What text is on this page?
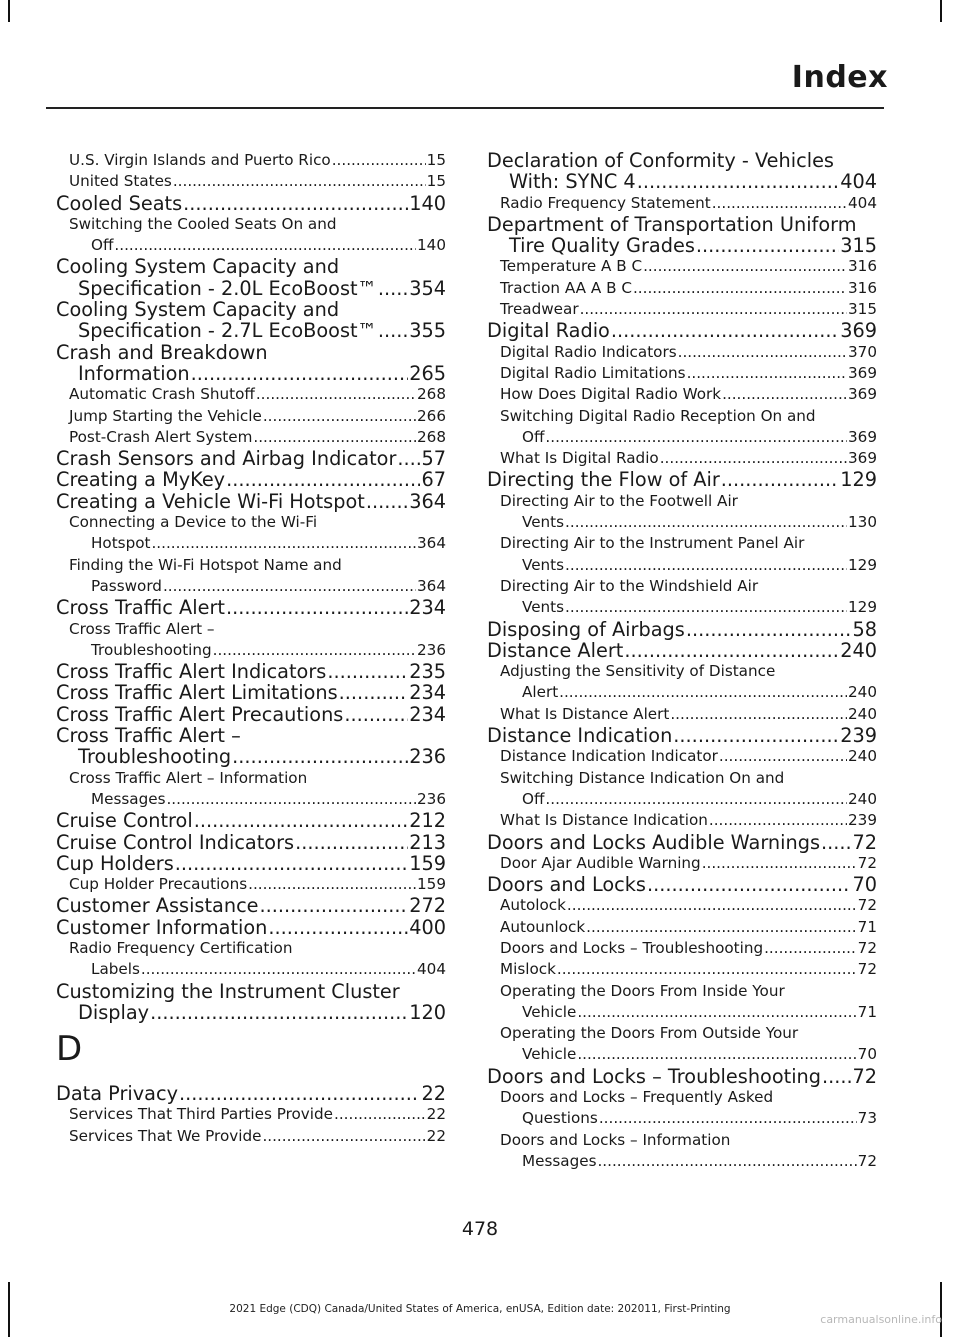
Index
U.S. Virgin Islands and Puerto Rico .....	15
United States .....	15
Cooled Seats .....	140
Switching the Cooled Seats On and
Off .....	140
Cooling System Capacity and
Specification - 2.0L EcoBoost™ ..... 354
Cooling System Capacity and
Specification - 2.7L EcoBoost™ ..... 355
Crash and Breakdown
Information .....	265
Automatic Crash Shutoff .....	268
Jump Starting the Vehicle .....	266
Post-Crash Alert System .....	268
Crash Sensors and Airbag Indicator ..... 57
Creating a MyKey .....	67
Creating a Vehicle Wi-Fi Hotspot ..... 364
Connecting a Device to the Wi-Fi
Hotspot .....	364
Finding the Wi-Fi Hotspot Name and
Password .....	364
Cross Traffic Alert .....	234
Cross Traffic Alert –
Troubleshooting .....	236
Cross Traffic Alert Indicators .....	235
Cross Traffic Alert Limitations .....	234
Cross Traffic Alert Precautions .....	234
Cross Traffic Alert –
Troubleshooting .....	236
Cross Traffic Alert – Information
Messages .....	236
Cruise Control .....	212
Cruise Control Indicators .....	213
Cup Holders .....	159
Cup Holder Precautions .....	159
Customer Assistance .....	272
Customer Information .....	400
Radio Frequency Certification
Labels .....	404
Customizing the Instrument Cluster
Display .....	120
D
Data Privacy .....	22
Services That Third Parties Provide .....	22
Services That We Provide .....	22
Declaration of Conformity - Vehicles
With: SYNC 4 .....	404
Radio Frequency Statement .....	404
Department of Transportation Uniform
Tire Quality Grades .....	315
Temperature A B C .....	316
Traction AA A B C .....	316
Treadwear .....	315
Digital Radio .....	369
Digital Radio Indicators .....	370
Digital Radio Limitations .....	369
How Does Digital Radio Work .....	369
Switching Digital Radio Reception On and
Off .....	369
What Is Digital Radio .....	369
Directing the Flow of Air .....	129
Directing Air to the Footwell Air
Vents .....	130
Directing Air to the Instrument Panel Air
Vents .....	129
Directing Air to the Windshield Air
Vents .....	129
Disposing of Airbags .....	58
Distance Alert .....	240
Adjusting the Sensitivity of Distance
Alert .....	240
What Is Distance Alert .....	240
Distance Indication .....	239
Distance Indication Indicator .....	240
Switching Distance Indication On and
Off .....	240
What Is Distance Indication .....	239
Doors and Locks Audible Warnings ..... 72
Door Ajar Audible Warning .....	72
Doors and Locks .....	70
Autolock .....	72
Autounlock .....	71
Doors and Locks – Troubleshooting .....	72
Mislock .....	72
Operating the Doors From Inside Your
Vehicle .....	71
Operating the Doors From Outside Your
Vehicle .....	70
Doors and Locks – Troubleshooting ..... 72
Doors and Locks – Frequently Asked
Questions .....	73
Doors and Locks – Information
Messages .....	72

478

2021 Edge (CDQ) Canada/United States of America, enUSA, Edition date: 202011, First-Printing

carmanualsonline.info
